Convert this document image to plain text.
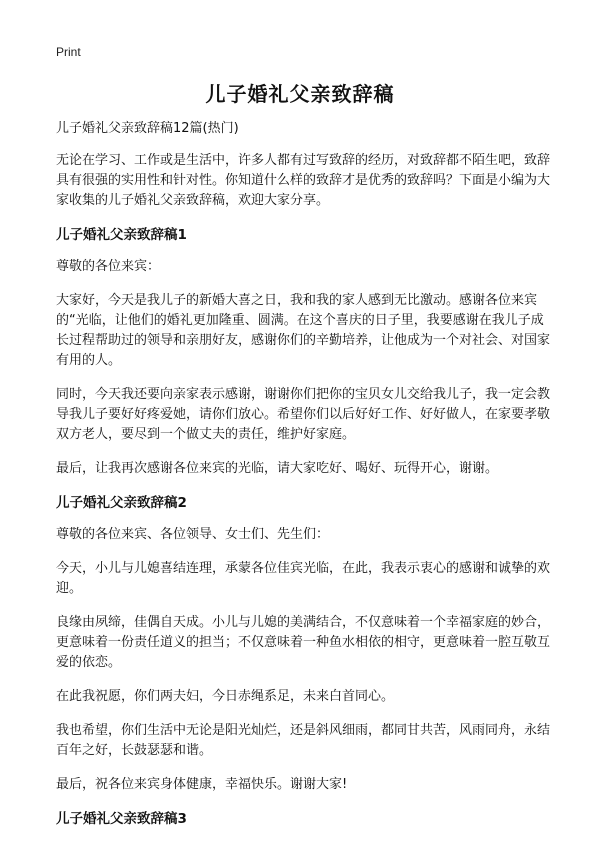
Print
儿子婚礼父亲致辞稿
儿子婚礼父亲致辞稿12篇(热门)

无论在学习、工作或是生活中，许多人都有过写致辞的经历，对致辞都不陌生吧，致辞具有很强的实用性和针对性。你知道什么样的致辞才是优秀的致辞吗？下面是小编为大家收集的儿子婚礼父亲致辞稿，欢迎大家分享。

儿子婚礼父亲致辞稿1

尊敬的各位来宾：

大家好，今天是我儿子的新婚大喜之日，我和我的家人感到无比激动。感谢各位来宾的“光临，让他们的婚礼更加隆重、圆满。在这个喜庆的日子里，我要感谢在我儿子成长过程帮助过的领导和亲朋好友，感谢你们的辛勤培养，让他成为一个对社会、对国家有用的人。

同时，今天我还要向亲家表示感谢，谢谢你们把你的宝贝女儿交给我儿子，我一定会教导我儿子要好好疼爱她，请你们放心。希望你们以后好好工作、好好做人，在家要孝敬双方老人，要尽到一个做丈夫的责任，维护好家庭。

最后，让我再次感谢各位来宾的光临，请大家吃好、喝好、玩得开心，谢谢。

儿子婚礼父亲致辞稿2

尊敬的各位来宾、各位领导、女士们、先生们：

今天，小儿与儿媳喜结连理，承蒙各位佳宾光临，在此，我表示衷心的感谢和诚挚的欢迎。

良缘由夙缔，佳偶自天成。小儿与儿媳的美满结合，不仅意味着一个幸福家庭的妙合，更意味着一份责任道义的担当；不仅意味着一种鱼水相依的相守，更意味着一腔互敬互爱的依恋。

在此我祝愿，你们两夫妇，今日赤绳系足，未来白首同心。

我也希望，你们生活中无论是阳光灿烂，还是斜风细雨，都同甘共苦，风雨同舟，永结百年之好，长鼓瑟瑟和谐。

最后，祝各位来宾身体健康，幸福快乐。谢谢大家!

儿子婚礼父亲致辞稿3
